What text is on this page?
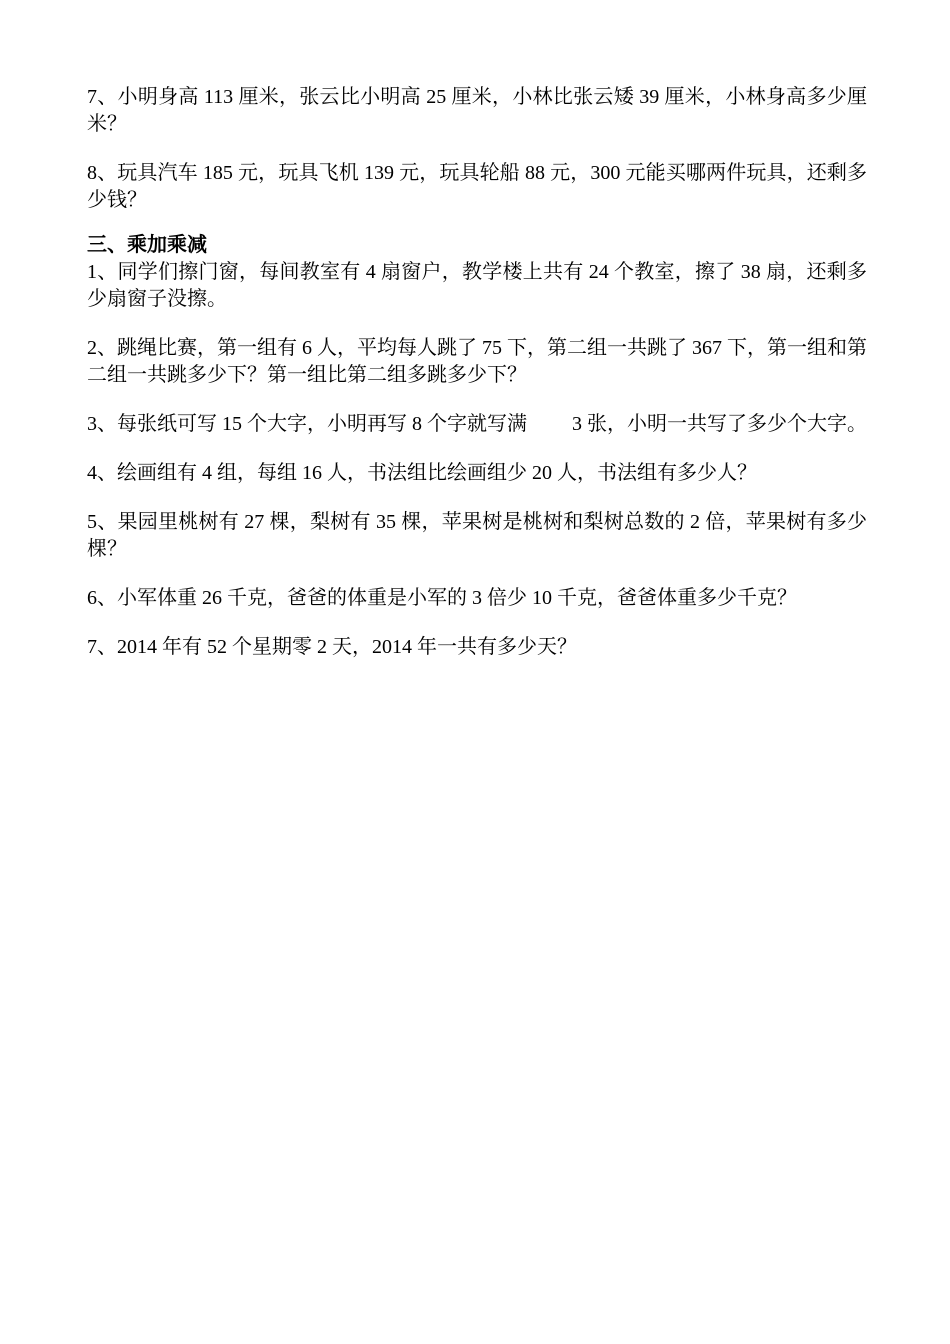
7、小明身高 113 厘米，张云比小明高 25 厘米，小林比张云矮 39 厘米，小林身高多少厘米？

8、玩具汽车 185 元，玩具飞机 139 元，玩具轮船 88 元，300 元能买哪两件玩具，还剩多少钱？

三、乘加乘减

1、同学们擦门窗，每间教室有 4 扇窗户，教学楼上共有 24 个教室，擦了 38 扇，还剩多少扇窗子没擦。

2、跳绳比赛，第一组有 6 人，平均每人跳了 75 下，第二组一共跳了 367 下，第一组和第二组一共跳多少下？第一组比第二组多跳多少下？

3、每张纸可写 15 个大字，小明再写 8 个字就写满　　 3 张，小明一共写了多少个大字。

4、绘画组有 4 组，每组 16 人，书法组比绘画组少 20 人，书法组有多少人？

5、果园里桃树有 27 棵，梨树有 35 棵，苹果树是桃树和梨树总数的 2 倍，苹果树有多少棵？

6、小军体重 26 千克，爸爸的体重是小军的 3 倍少 10 千克，爸爸体重多少千克？

7、2014 年有 52 个星期零 2 天，2014 年一共有多少天？
